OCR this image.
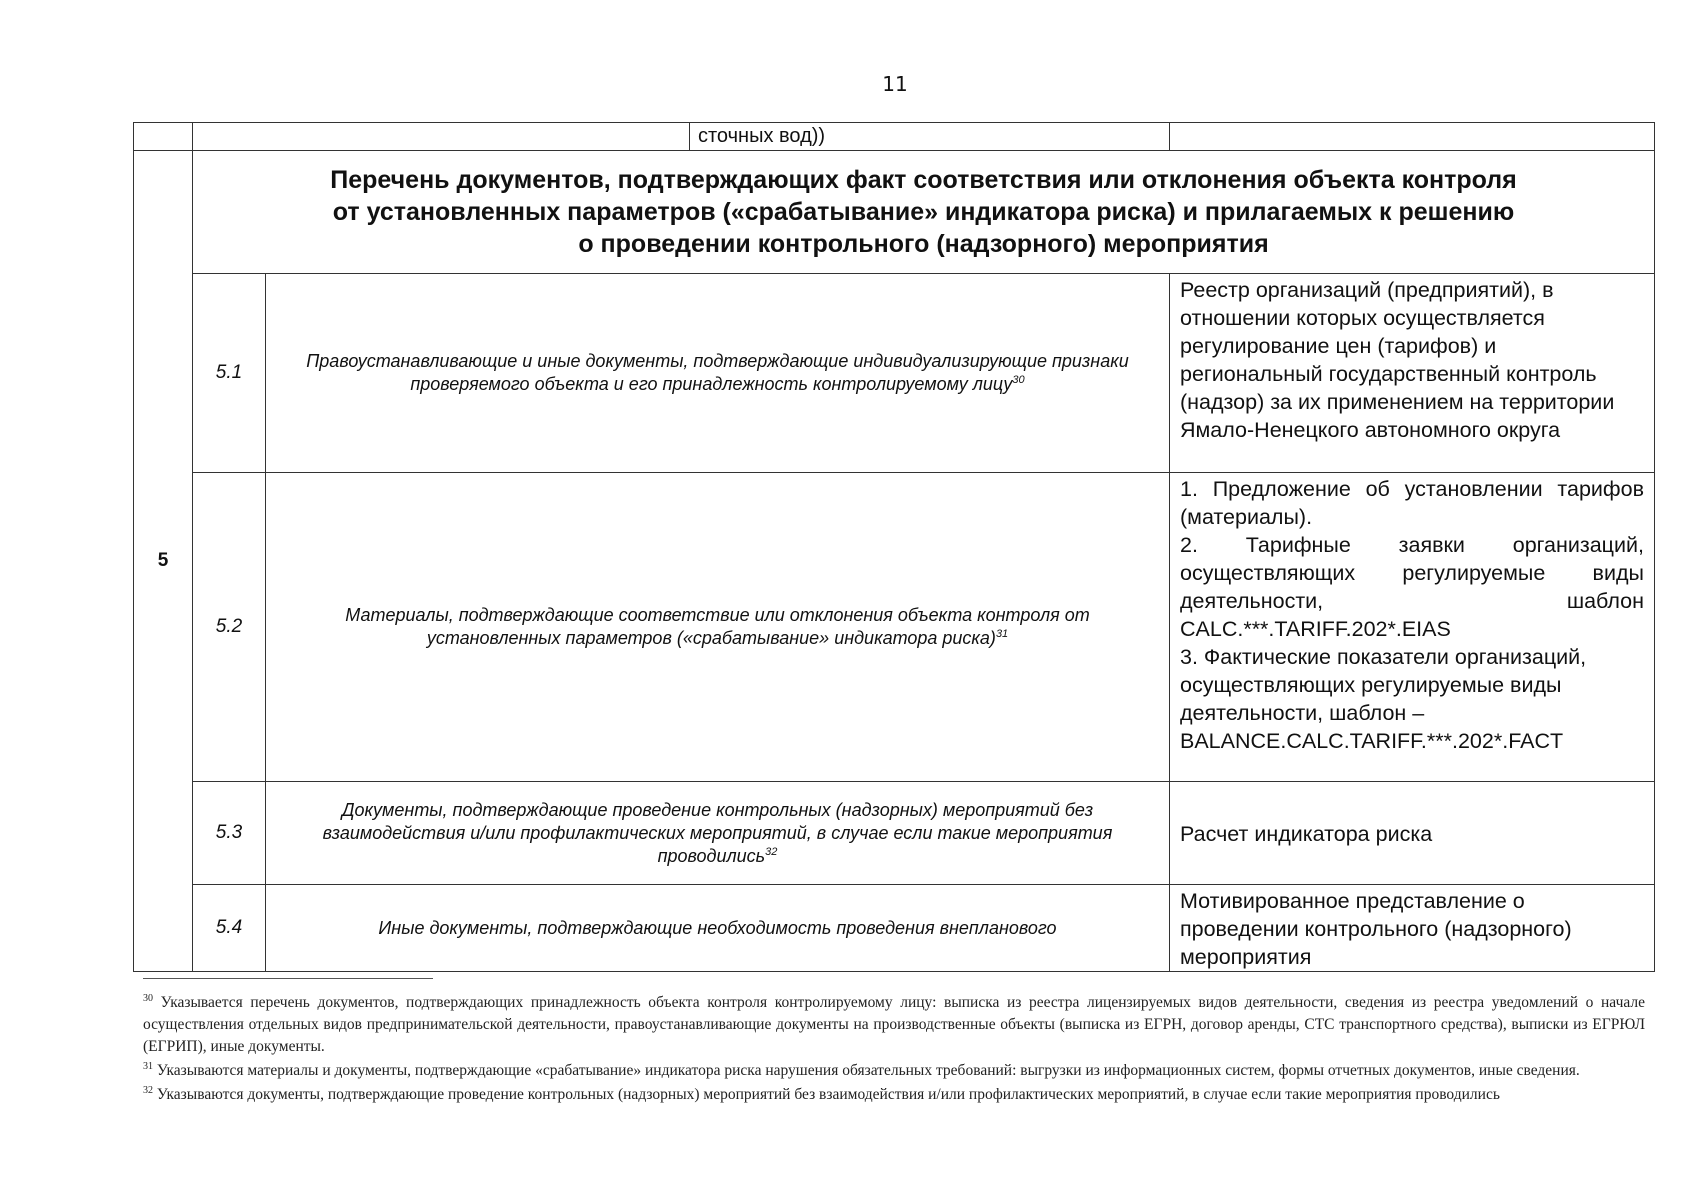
11

	сточных вод))		

5	Перечень документов, подтверждающих факт соответствия или отклонения объекта контроля
от установленных параметров («срабатывание» индикатора риска) и прилагаемых к решению
о проведении контрольного (надзорного) мероприятия		

	5.1	Правоустанавливающие и иные документы, подтверждающие индивидуализирующие признаки проверяемого объекта и его принадлежность контролируемому лицу$^{30}$	Реестр организаций (предприятий), в отношении которых осуществляется регулирование цен (тарифов) и региональный государственный контроль (надзор) за их применением на территории Ямало-Ненецкого автономного округа
	5.2	Материалы, подтверждающие соответствие или отклонения объекта контроля от установленных параметров («срабатывание» индикатора риска)$^{31}$	1. Предложение об установлении тарифов (материалы).
2. Тарифные заявки организаций, осуществляющих регулируемые виды деятельности, шаблон CALC.***.TARIFF.202*.EIAS
3. Фактические показатели организаций, осуществляющих регулируемые виды деятельности, шаблон – BALANCE.CALC.TARIFF.***.202*.FACT

	5.3	Документы, подтверждающие проведение контрольных (надзорных) мероприятий без взаимодействия и/или профилактических мероприятий, в случае если такие мероприятия проводились$^{32}$	Расчет индикатора риска
	5.4	Иные документы, подтверждающие необходимость проведения внепланового	Мотивированное представление о проведении контрольного (надзорного) мероприятия

$^{30}$ Указывается перечень документов, подтверждающих принадлежность объекта контроля контролируемому лицу: выписка из реестра лицензируемых видов деятельности, сведения из реестра уведомлений о начале осуществления отдельных видов предпринимательской деятельности, правоустанавливающие документы на производственные объекты (выписка из ЕГРН, договор аренды, СТС транспортного средства), выписки из ЕГРЮЛ (ЕГРИП), иные документы.

$^{31}$ Указываются материалы и документы, подтверждающие «срабатывание» индикатора риска нарушения обязательных требований: выгрузки из информационных систем, формы отчетных документов, иные сведения.

$^{32}$ Указываются документы, подтверждающие проведение контрольных (надзорных) мероприятий без взаимодействия и/или профилактических мероприятий, в случае если такие мероприятия проводились
